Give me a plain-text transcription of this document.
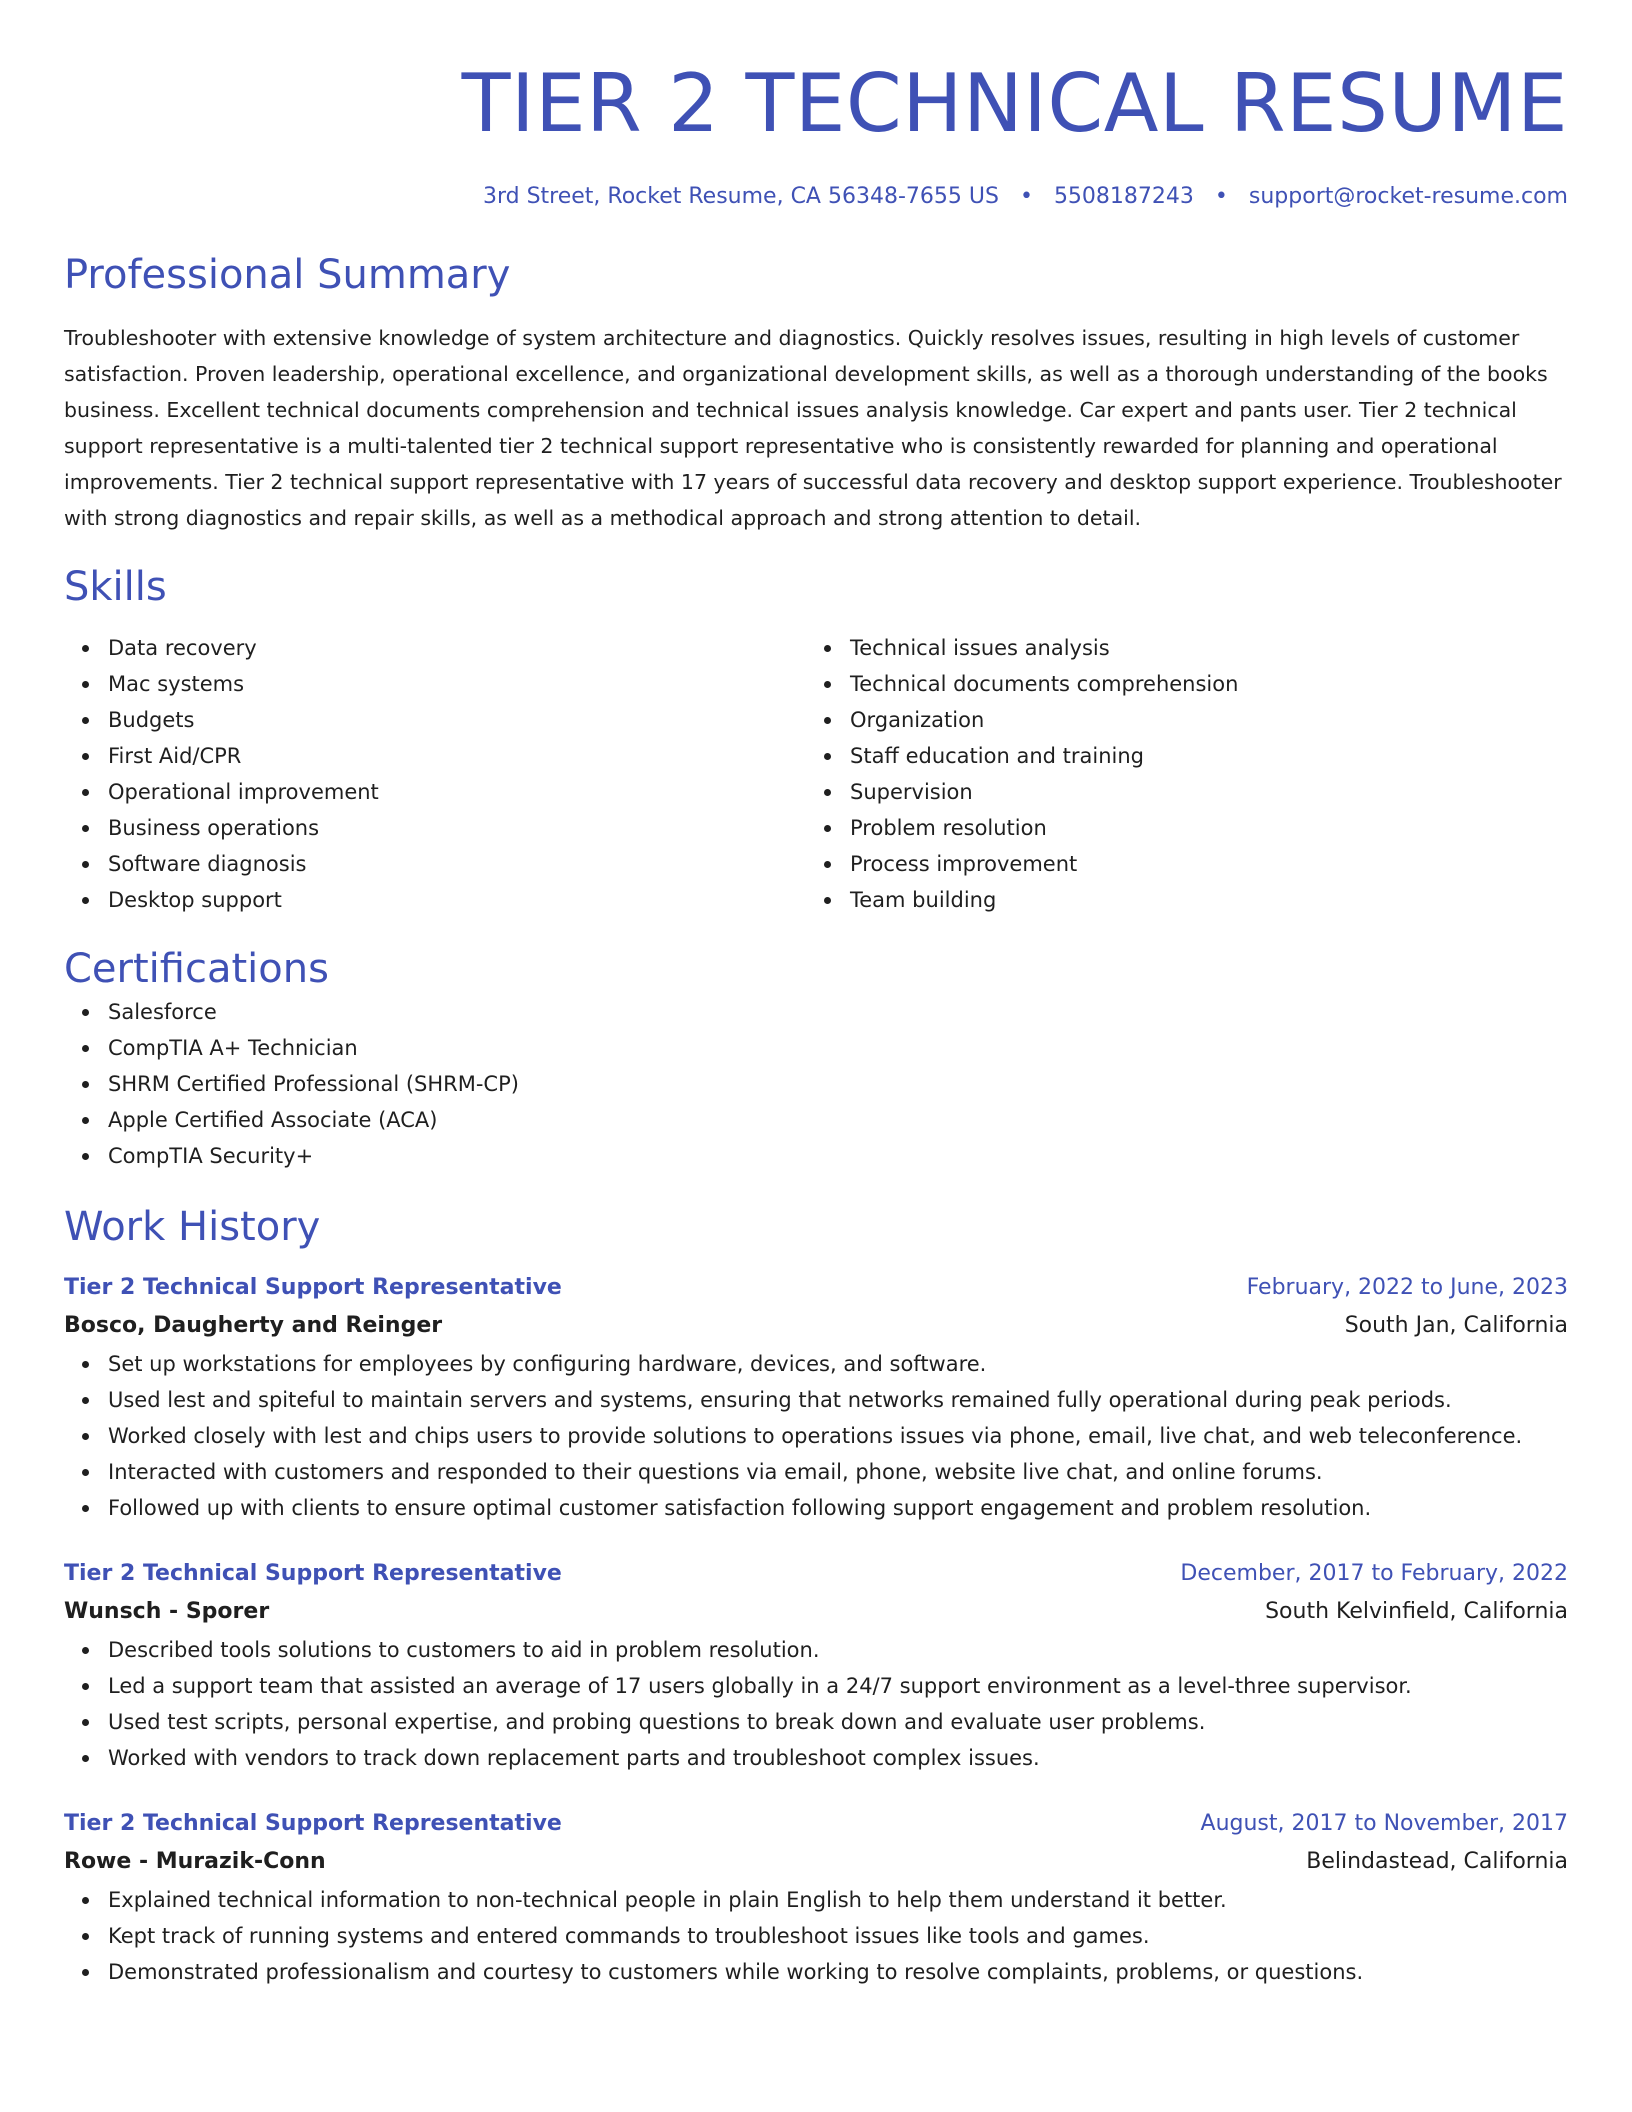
TIER 2 TECHNICAL RESUME
3rd Street, Rocket Resume, CA 56348-7655 US • 5508187243 • support@rocket-resume.com
Professional Summary

Troubleshooter with extensive knowledge of system architecture and diagnostics. Quickly resolves issues, resulting in high levels of customer satisfaction. Proven leadership, operational excellence, and organizational development skills, as well as a thorough understanding of the books business. Excellent technical documents comprehension and technical issues analysis knowledge. Car expert and pants user. Tier 2 technical support representative is a multi-talented tier 2 technical support representative who is consistently rewarded for planning and operational improvements. Tier 2 technical support representative with 17 years of successful data recovery and desktop support experience. Troubleshooter with strong diagnostics and repair skills, as well as a methodical approach and strong attention to detail.

Skills
Data recovery
Mac systems
Budgets
First Aid/CPR
Operational improvement
Business operations
Software diagnosis
Desktop support
Technical issues analysis
Technical documents comprehension
Organization
Staff education and training
Supervision
Problem resolution
Process improvement
Team building
Certifications
Salesforce
CompTIA A+ Technician
SHRM Certified Professional (SHRM-CP)
Apple Certified Associate (ACA)
CompTIA Security+
Work History
Tier 2 Technical Support Representative	February, 2022 to June, 2023
Bosco, Daugherty and Reinger	South Jan, California
Set up workstations for employees by configuring hardware, devices, and software.
Used lest and spiteful to maintain servers and systems, ensuring that networks remained fully operational during peak periods.
Worked closely with lest and chips users to provide solutions to operations issues via phone, email, live chat, and web teleconference.
Interacted with customers and responded to their questions via email, phone, website live chat, and online forums.
Followed up with clients to ensure optimal customer satisfaction following support engagement and problem resolution.
Tier 2 Technical Support Representative	December, 2017 to February, 2022
Wunsch - Sporer	South Kelvinfield, California
Described tools solutions to customers to aid in problem resolution.
Led a support team that assisted an average of 17 users globally in a 24/7 support environment as a level-three supervisor.
Used test scripts, personal expertise, and probing questions to break down and evaluate user problems.
Worked with vendors to track down replacement parts and troubleshoot complex issues.
Tier 2 Technical Support Representative	August, 2017 to November, 2017
Rowe - Murazik-Conn	Belindastead, California
Explained technical information to non-technical people in plain English to help them understand it better.
Kept track of running systems and entered commands to troubleshoot issues like tools and games.
Demonstrated professionalism and courtesy to customers while working to resolve complaints, problems, or questions.
